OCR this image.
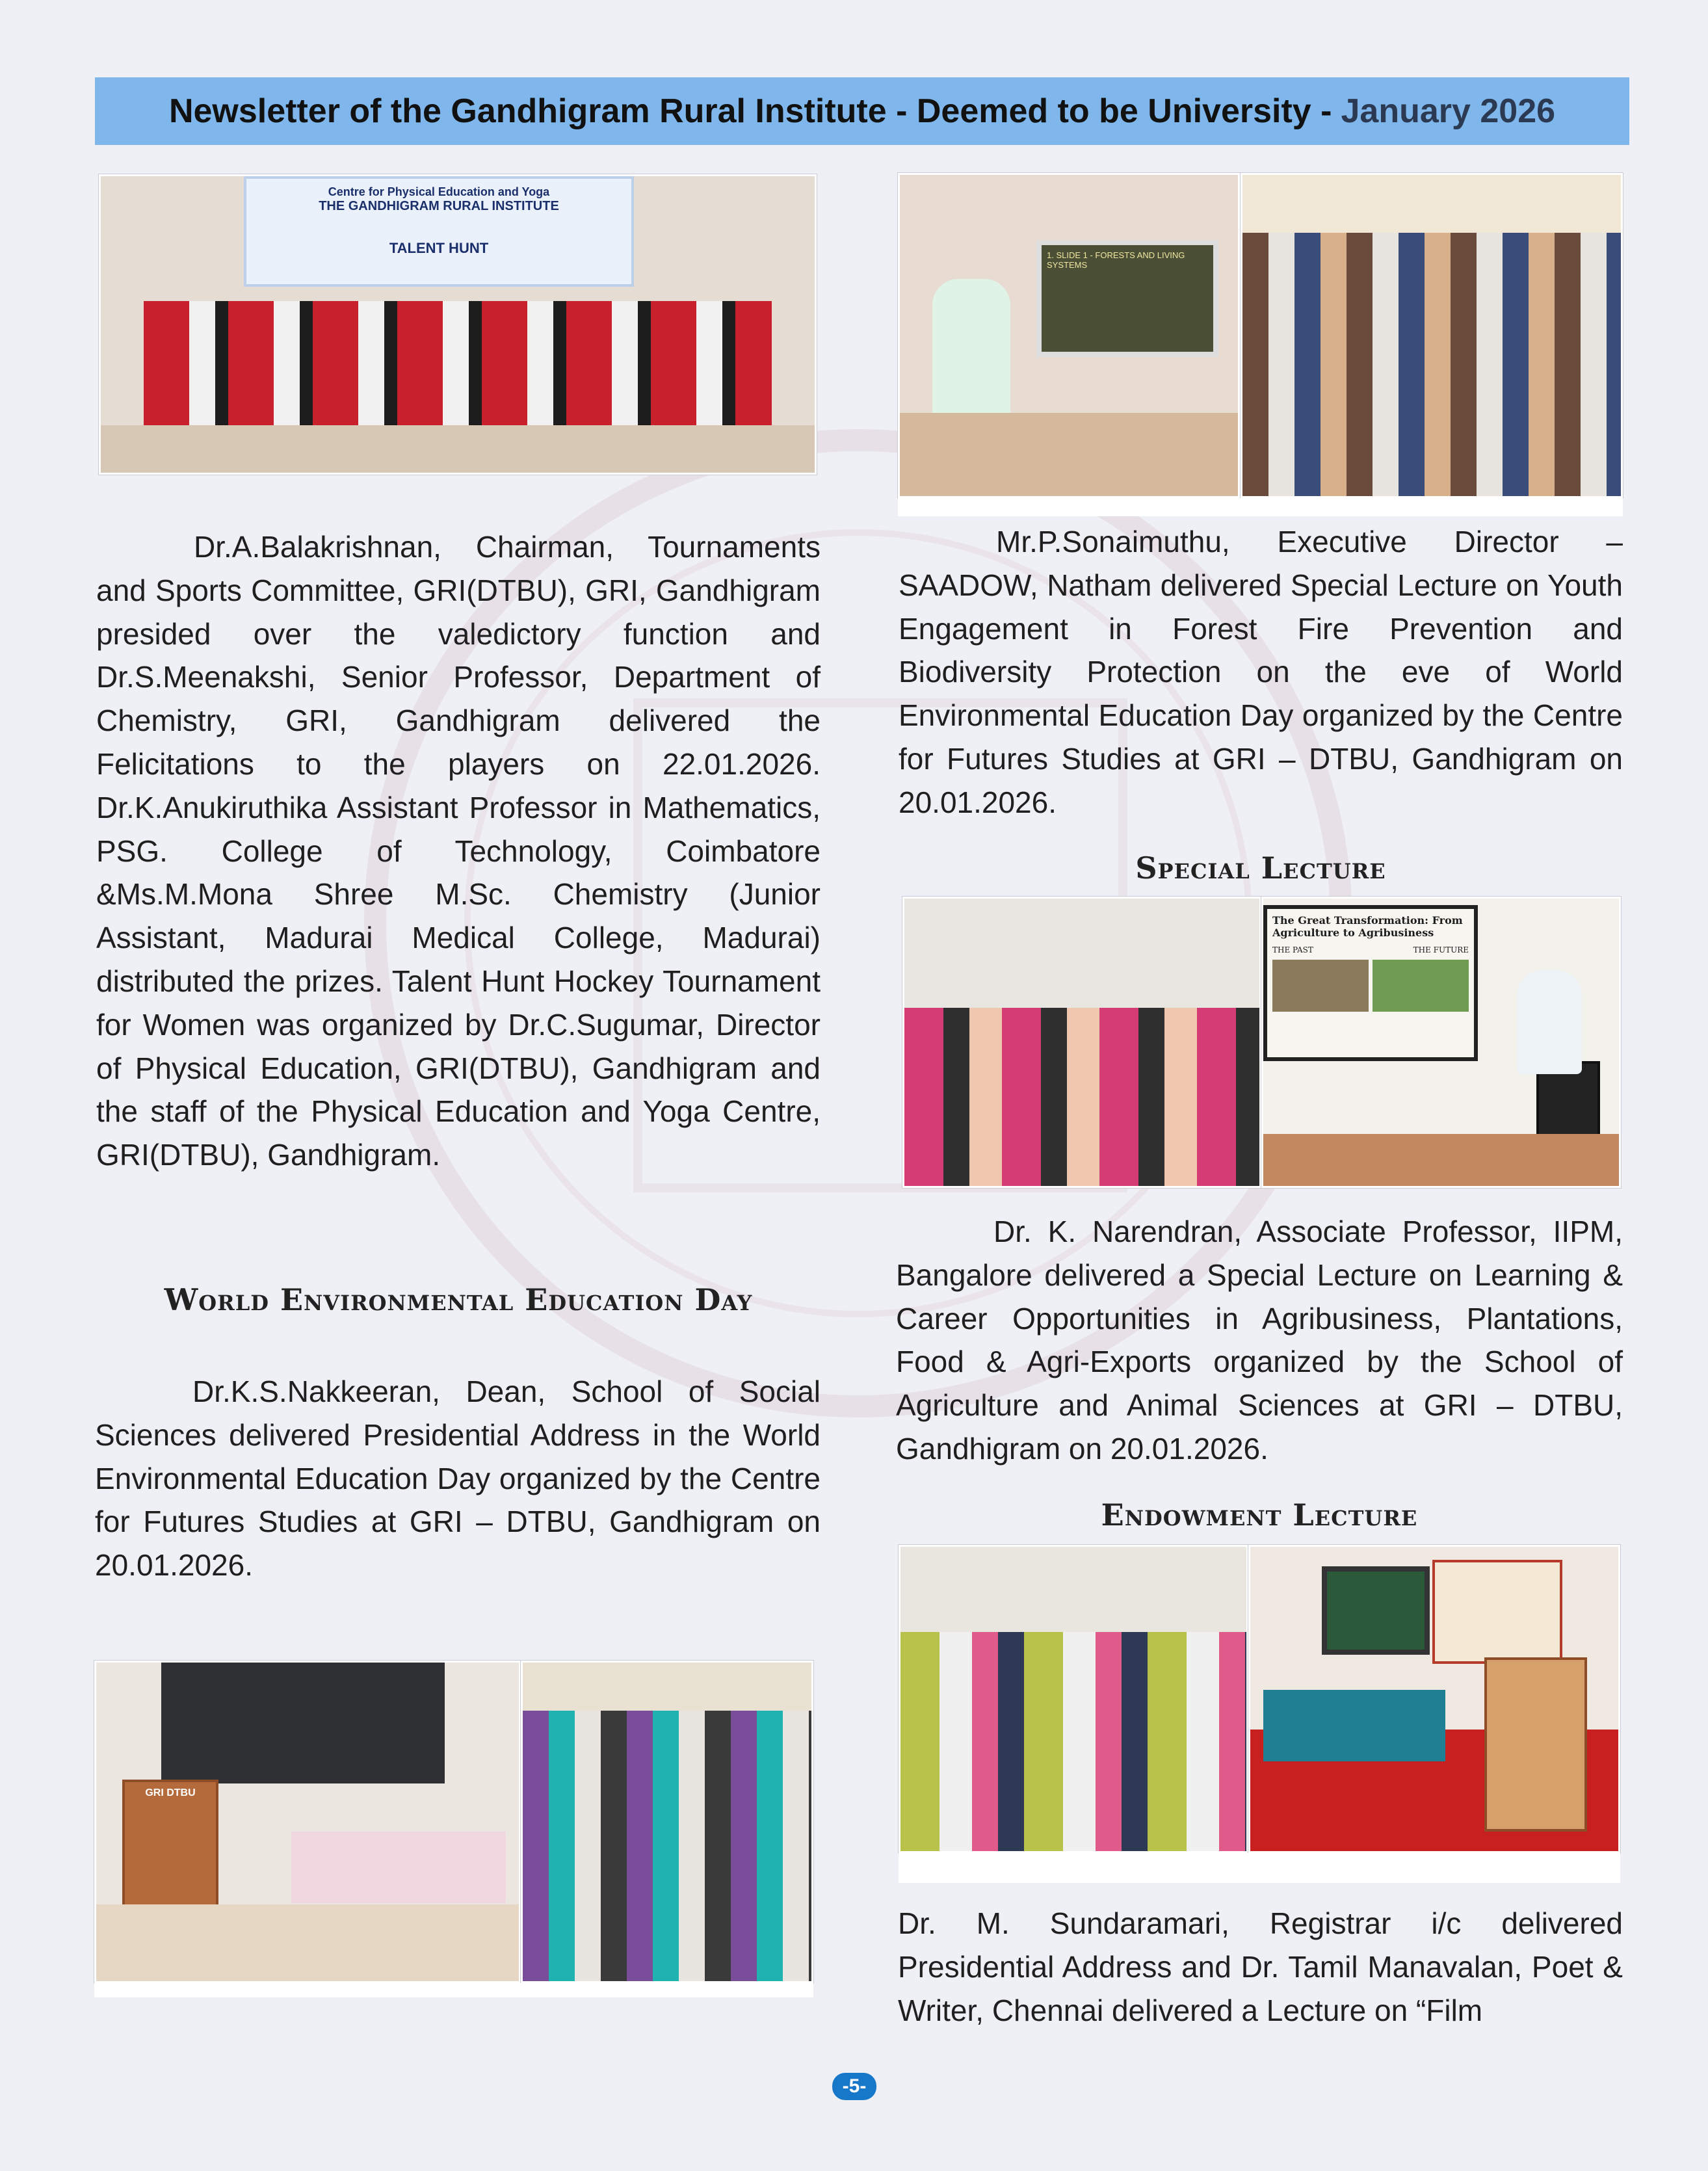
Newsletter of the Gandhigram Rural Institute - Deemed to be University - January 2026
Centre for Physical Education and Yoga
THE GANDHIGRAM RURAL INSTITUTE
TALENT HUNT	1. SLIDE 1 - FORESTS AND LIVING SYSTEMS

Dr.A.Balakrishnan, Chairman, Tournaments and Sports Committee, GRI(DTBU), GRI, Gandhigram presided over the valedictory function and Dr.S.Meenakshi, Senior Professor, Department of Chemistry, GRI, Gandhigram delivered the Felicitations to the players on 22.01.2026. Dr.K.Anukiruthika Assistant Professor in Mathematics, PSG. College of Technology, Coimbatore &Ms.M.Mona Shree M.Sc. Chemistry (Junior Assistant, Madurai Medical College, Madurai) distributed the prizes. Talent Hunt Hockey Tournament for Women was organized by Dr.C.Sugumar, Director of Physical Education, GRI(DTBU), Gandhigram and the staff of the Physical Education and Yoga Centre, GRI(DTBU), Gandhigram.

World Environmental Education Day

Dr.K.S.Nakkeeran, Dean, School of Social Sciences delivered Presidential Address in the World Environmental Education Day organized by the Centre for Futures Studies at GRI – DTBU, Gandhigram on 20.01.2026.

GRI DTBU

Mr.P.Sonaimuthu, Executive Director – SAADOW, Natham delivered Special Lecture on Youth Engagement in Forest Fire Prevention and Biodiversity Protection on the eve of World Environmental Education Day organized by the Centre for Futures Studies at GRI – DTBU, Gandhigram on 20.01.2026.

Special Lecture

The Great Transformation: From Agriculture to Agribusiness
THE PAST	THE FUTURE

Dr. K. Narendran, Associate Professor, IIPM, Bangalore delivered a Special Lecture on Learning & Career Opportunities in Agribusiness, Plantations, Food & Agri-Exports organized by the School of Agriculture and Animal Sciences at GRI – DTBU, Gandhigram on 20.01.2026.

Endowment Lecture

Dr. M. Sundaramari, Registrar i/c delivered Presidential Address and Dr. Tamil Manavalan, Poet & Writer, Chennai delivered a Lecture on “Film

-5-
